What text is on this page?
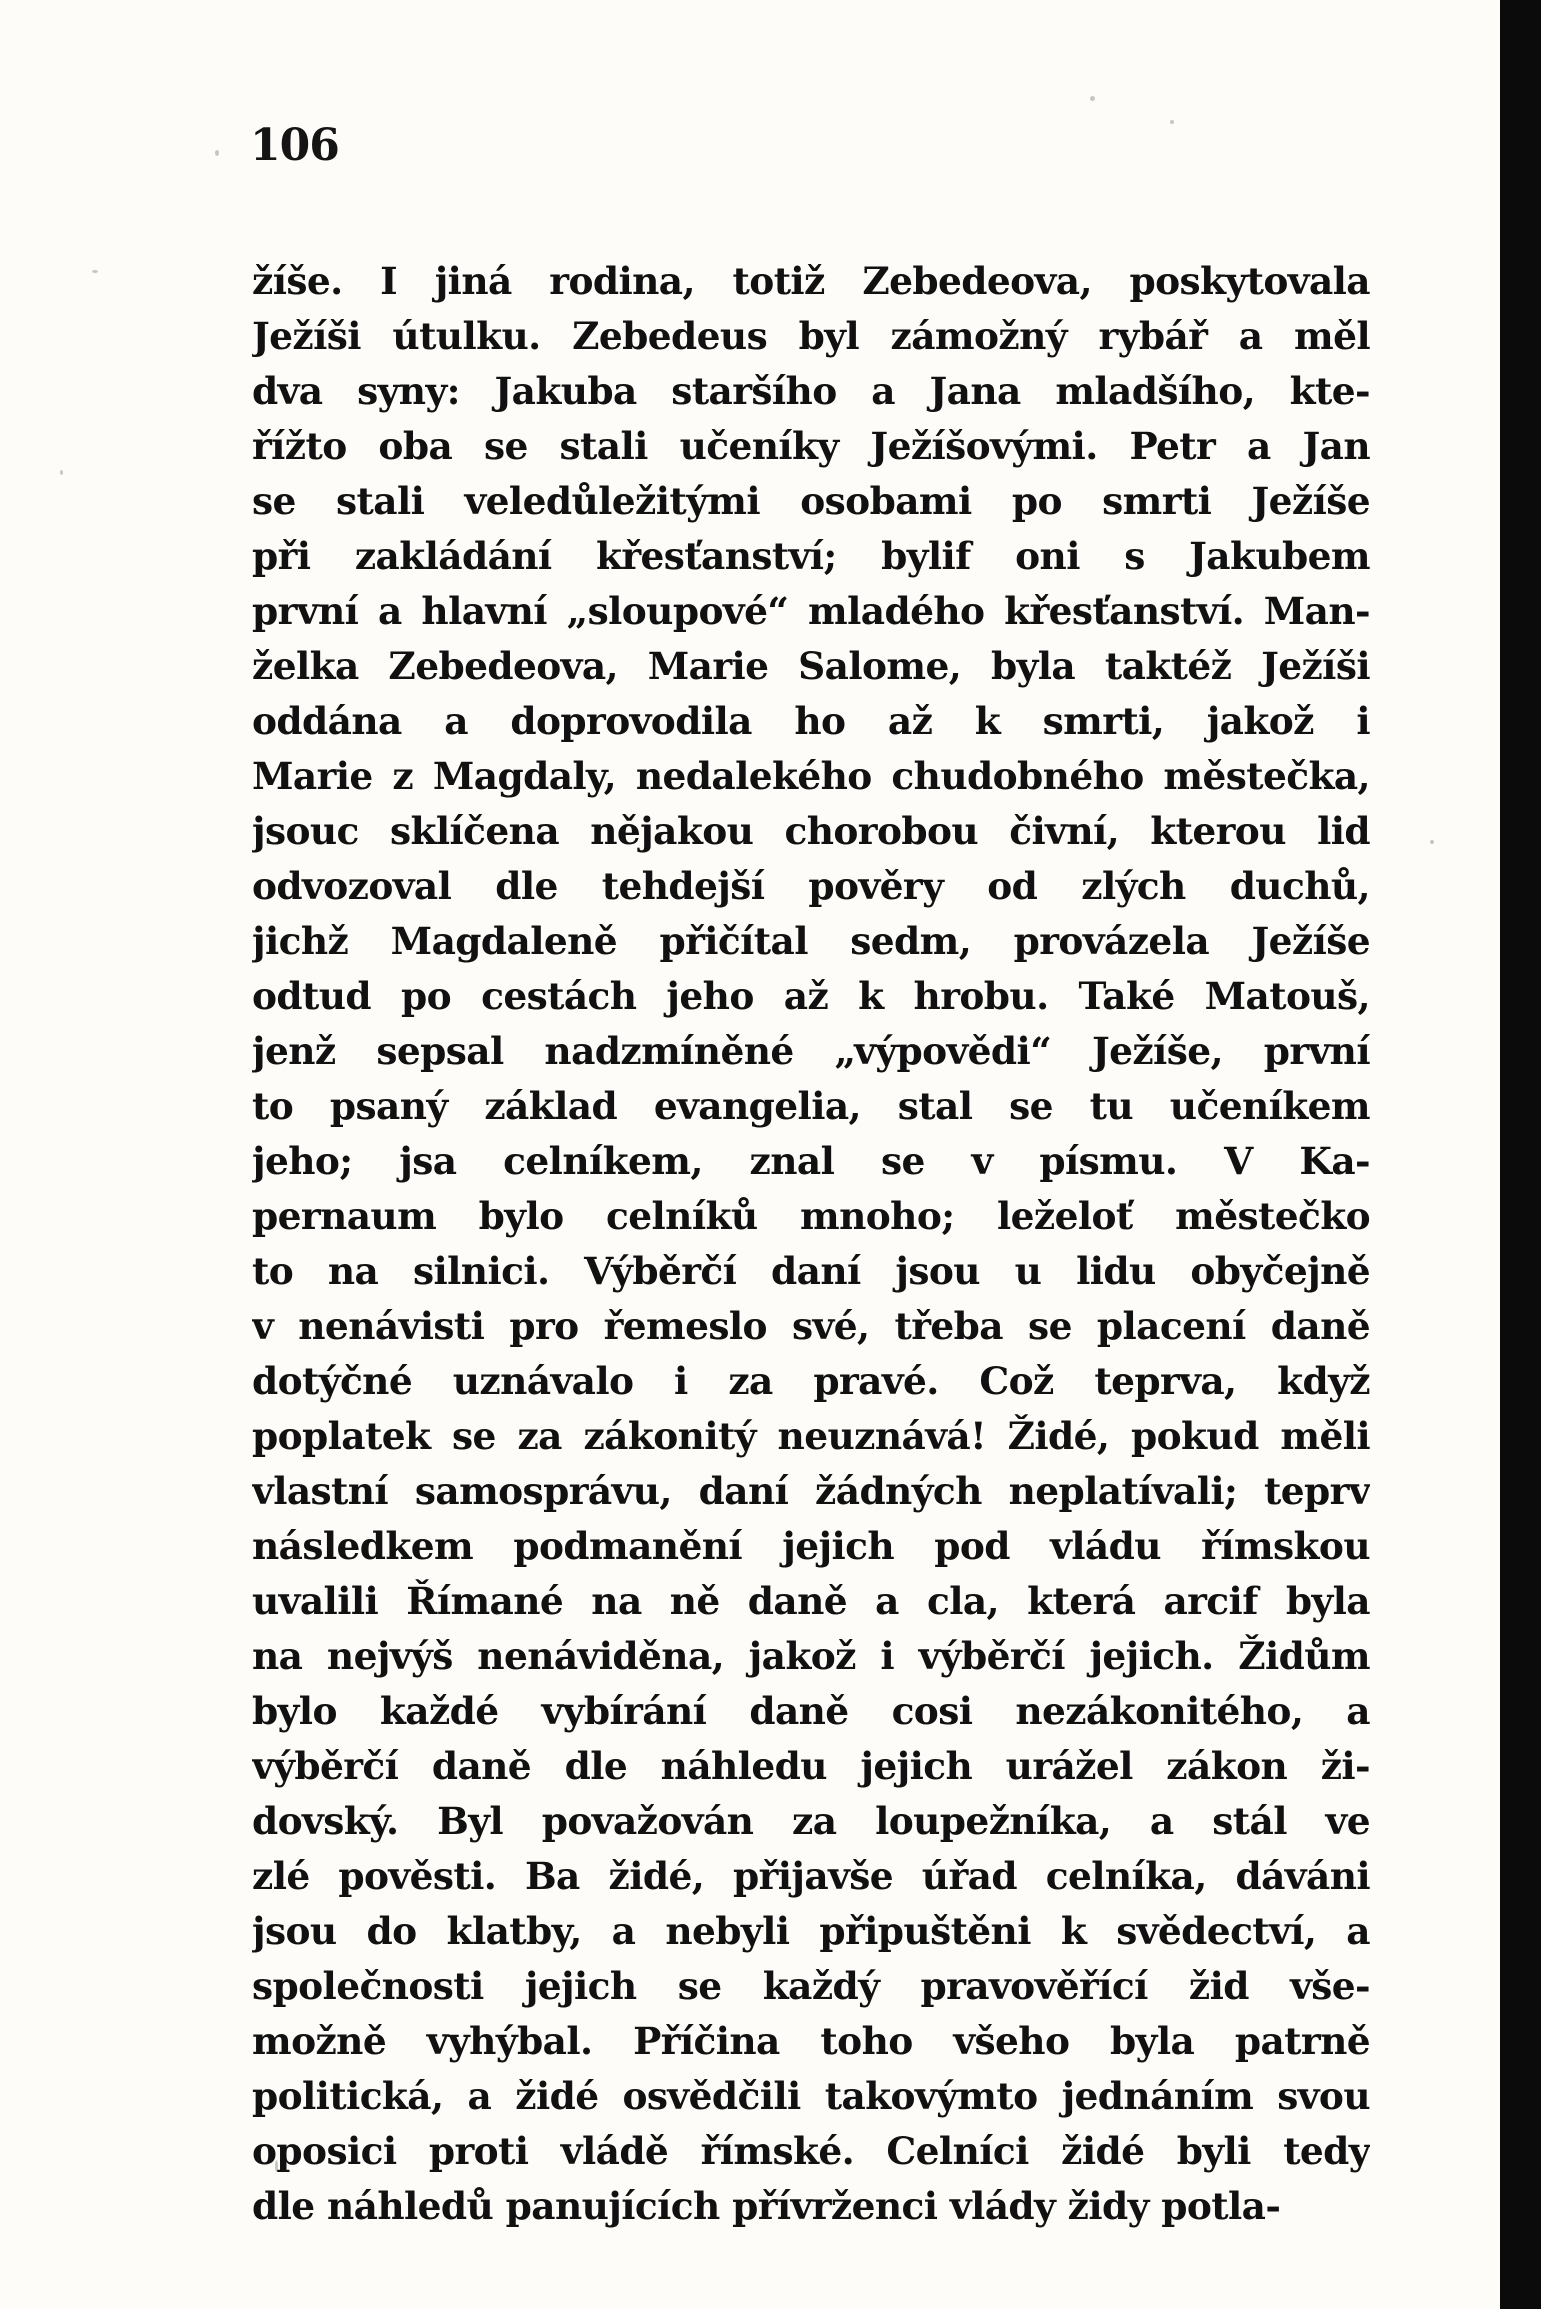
106
žíše. I jiná rodina, totiž Zebedeova, poskytovala
Ježíši útulku. Zebedeus byl zámožný rybář a měl
dva syny: Jakuba staršího a Jana mladšího, kte-
řížto oba se stali učeníky Ježíšovými. Petr a Jan
se stali veledůležitými osobami po smrti Ježíše
při zakládání křesťanství; bylif oni s Jakubem
první a hlavní „sloupové“ mladého křesťanství. Man-
želka Zebedeova, Marie Salome, byla taktéž Ježíši
oddána a doprovodila ho až k smrti, jakož i
Marie z Magdaly, nedalekého chudobného městečka,
jsouc sklíčena nějakou chorobou čivní, kterou lid
odvozoval dle tehdejší pověry od zlých duchů,
jichž Magdaleně přičítal sedm, provázela Ježíše
odtud po cestách jeho až k hrobu. Také Matouš,
jenž sepsal nadzmíněné „výpovědi“ Ježíše, první
to psaný základ evangelia, stal se tu učeníkem
jeho; jsa celníkem, znal se v písmu. V Ka-
pernaum bylo celníků mnoho; leželoť městečko
to na silnici. Výběrčí daní jsou u lidu obyčejně
v nenávisti pro řemeslo své, třeba se placení daně
dotýčné uznávalo i za pravé. Což teprva, když
poplatek se za zákonitý neuznává! Židé, pokud měli
vlastní samosprávu, daní žádných neplatívali; teprv
následkem podmanění jejich pod vládu římskou
uvalili Římané na ně daně a cla, která arcif byla
na nejvýš nenáviděna, jakož i výběrčí jejich. Židům
bylo každé vybírání daně cosi nezákonitého, a
výběrčí daně dle náhledu jejich urážel zákon ži-
dovský. Byl považován za loupežníka, a stál ve
zlé pověsti. Ba židé, přijavše úřad celníka, dáváni
jsou do klatby, a nebyli připuštěni k svědectví, a
společnosti jejich se každý pravověřící žid vše-
možně vyhýbal. Příčina toho všeho byla patrně
politická, a židé osvědčili takovýmto jednáním svou
oposici proti vládě římské. Celníci židé byli tedy
dle náhledů panujících přívrženci vlády židy potla-
